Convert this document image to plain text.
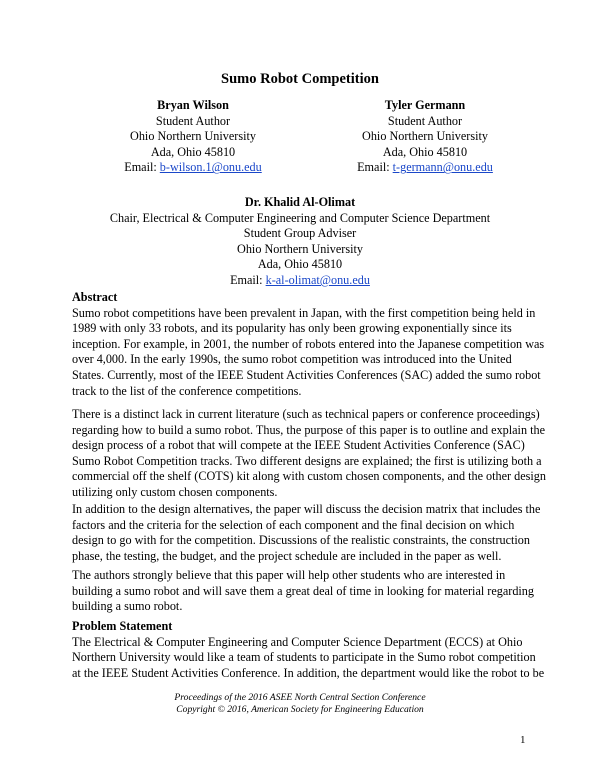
Sumo Robot Competition
Bryan Wilson
Student Author
Ohio Northern University
Ada, Ohio 45810
Email: b-wilson.1@onu.edu
Tyler Germann
Student Author
Ohio Northern University
Ada, Ohio 45810
Email: t-germann@onu.edu
Dr. Khalid Al-Olimat
Chair, Electrical & Computer Engineering and Computer Science Department
Student Group Adviser
Ohio Northern University
Ada, Ohio 45810
Email: k-al-olimat@onu.edu
Abstract
Sumo robot competitions have been prevalent in Japan, with the first competition being held in
1989 with only 33 robots, and its popularity has only been growing exponentially since its
inception. For example, in 2001, the number of robots entered into the Japanese competition was
over 4,000. In the early 1990s, the sumo robot competition was introduced into the United
States. Currently, most of the IEEE Student Activities Conferences (SAC) added the sumo robot
track to the list of the conference competitions.
There is a distinct lack in current literature (such as technical papers or conference proceedings)
regarding how to build a sumo robot. Thus, the purpose of this paper is to outline and explain the
design process of a robot that will compete at the IEEE Student Activities Conference (SAC)
Sumo Robot Competition tracks. Two different designs are explained; the first is utilizing both a
commercial off the shelf (COTS) kit along with custom chosen components, and the other design
utilizing only custom chosen components.
In addition to the design alternatives, the paper will discuss the decision matrix that includes the
factors and the criteria for the selection of each component and the final decision on which
design to go with for the competition. Discussions of the realistic constraints, the construction
phase, the testing, the budget, and the project schedule are included in the paper as well.
The authors strongly believe that this paper will help other students who are interested in
building a sumo robot and will save them a great deal of time in looking for material regarding
building a sumo robot.
Problem Statement
The Electrical & Computer Engineering and Computer Science Department (ECCS) at Ohio
Northern University would like a team of students to participate in the Sumo robot competition
at the IEEE Student Activities Conference. In addition, the department would like the robot to be
Proceedings of the 2016 ASEE North Central Section Conference
Copyright © 2016, American Society for Engineering Education
1
